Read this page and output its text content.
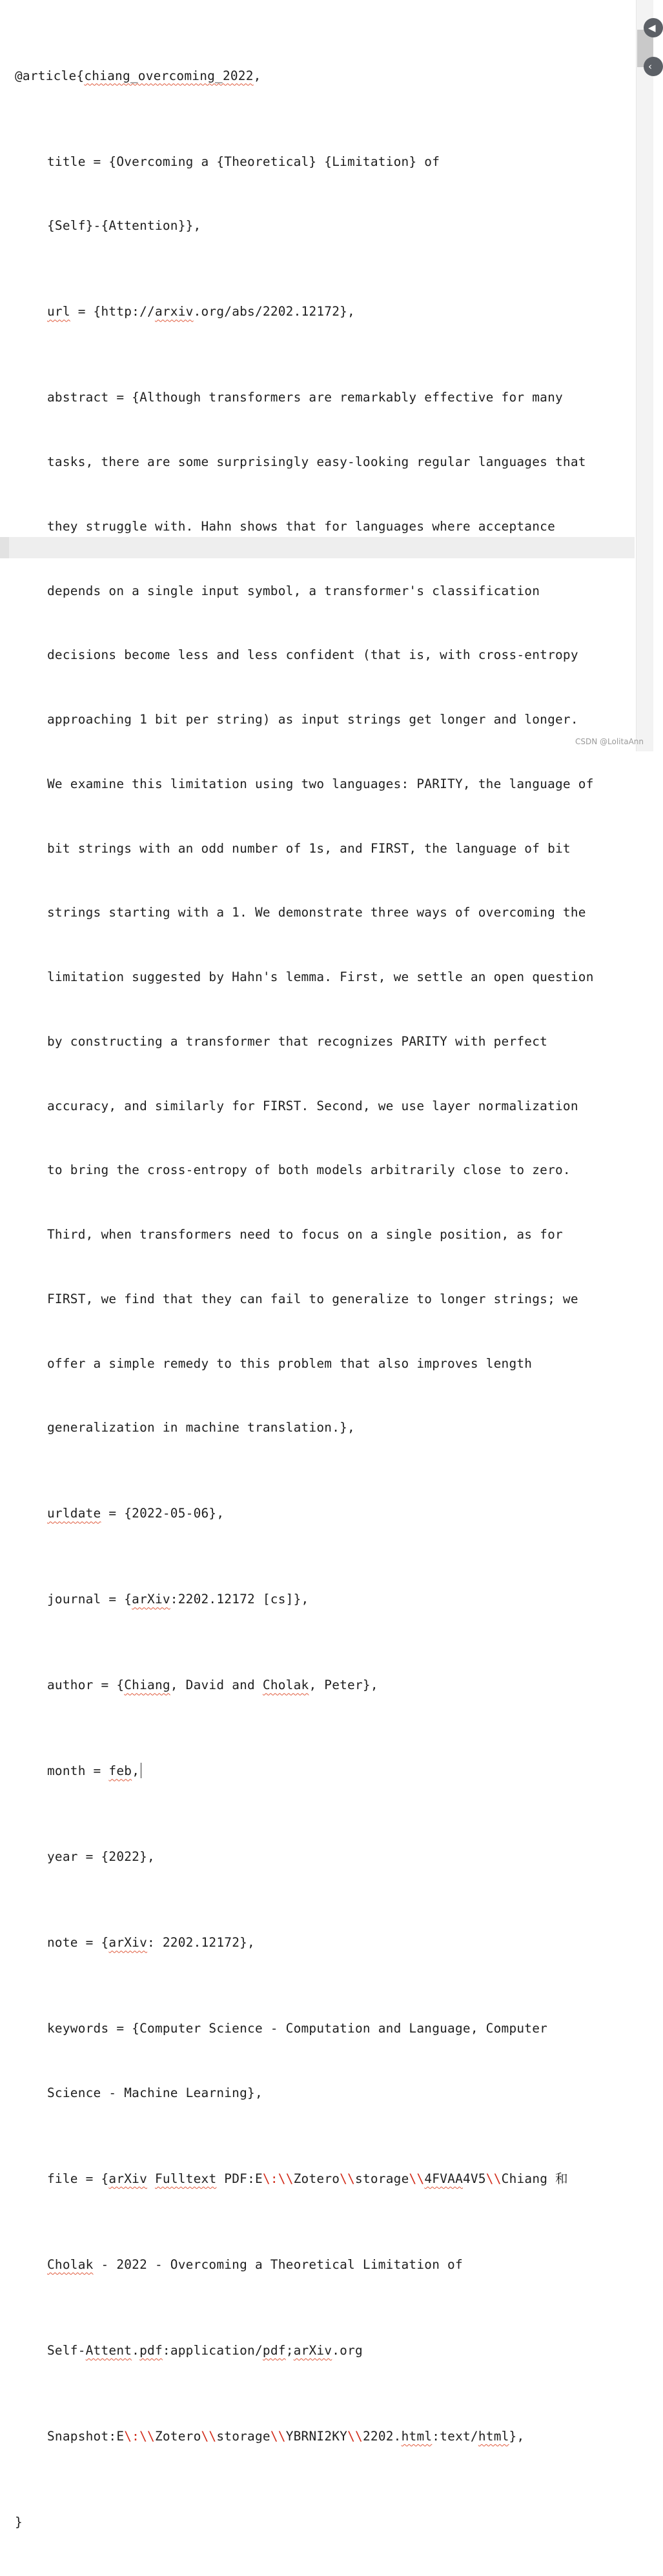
@article{chiang_overcoming_2022,

title = {Overcoming a {Theoretical} {Limitation} of

{Self}-{Attention}},

url = {http://arxiv.org/abs/2202.12172},

abstract = {Although transformers are remarkably effective for many

tasks, there are some surprisingly easy-looking regular languages that

they struggle with. Hahn shows that for languages where acceptance

depends on a single input symbol, a transformer's classification

decisions become less and less confident (that is, with cross-entropy

approaching 1 bit per string) as input strings get longer and longer.

We examine this limitation using two languages: PARITY, the language of

bit strings with an odd number of 1s, and FIRST, the language of bit

strings starting with a 1. We demonstrate three ways of overcoming the

limitation suggested by Hahn's lemma. First, we settle an open question

by constructing a transformer that recognizes PARITY with perfect

accuracy, and similarly for FIRST. Second, we use layer normalization

to bring the cross-entropy of both models arbitrarily close to zero.

Third, when transformers need to focus on a single position, as for

FIRST, we find that they can fail to generalize to longer strings; we

offer a simple remedy to this problem that also improves length

generalization in machine translation.},

urldate = {2022-05-06},

journal = {arXiv:2202.12172 [cs]},

author = {Chiang, David and Cholak, Peter},

month = feb,

year = {2022},

note = {arXiv: 2202.12172},

keywords = {Computer Science - Computation and Language, Computer

Science - Machine Learning},

file = {arXiv Fulltext PDF:E\:\\Zotero\\storage\\4FVAA4V5\\Chiang 和

Cholak - 2022 - Overcoming a Theoretical Limitation of

Self-Attent.pdf:application/pdf;arXiv.org

Snapshot:E\:\\Zotero\\storage\\YBRNI2KY\\2202.html:text/html},

}

◀
‹
CSDN @LolitaAnn
